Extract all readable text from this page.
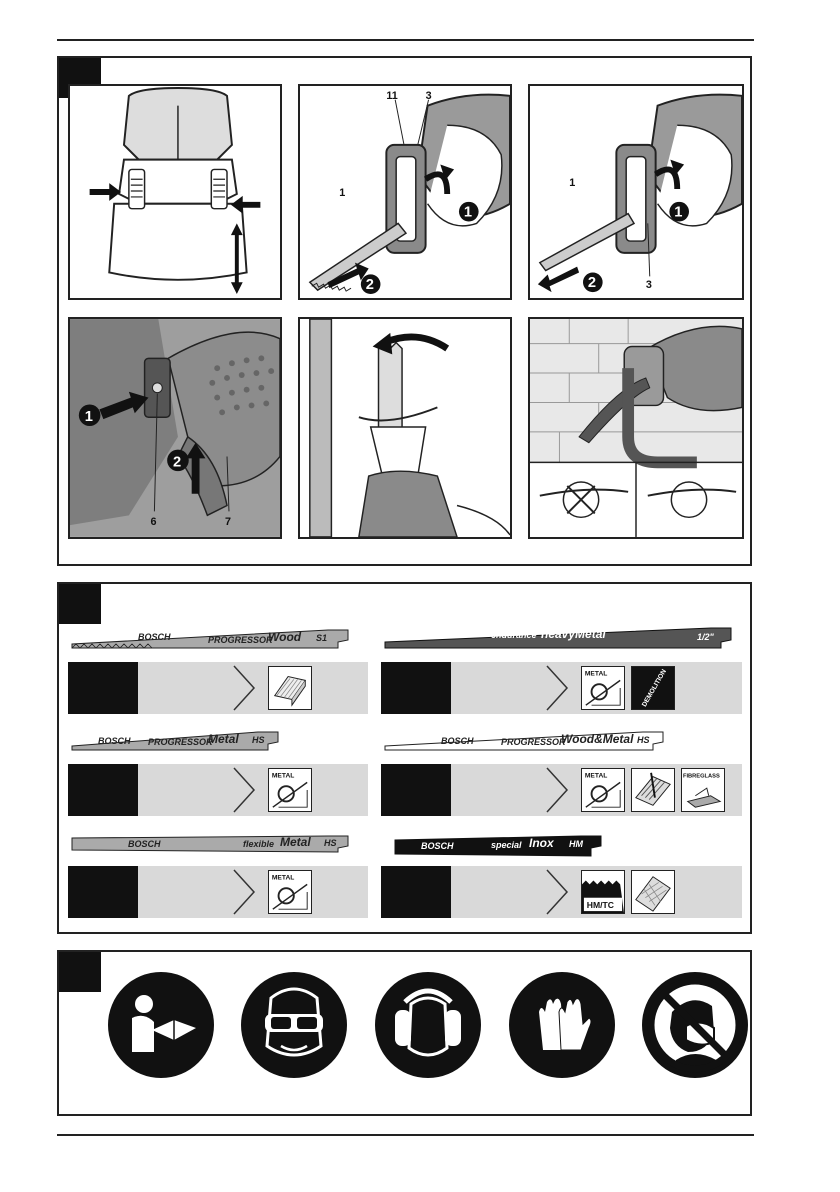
1
2
11	3
1
1
2
1
3
1
2
6	7
BOSCH	PROGRESSOR
Wood S1	endurance heavyMetal	1/2"
METAL	DEMOLITION
BOSCH PROGRESSOR
Metal HS	BOSCH	PROGRESSOR
Wood&Metal HS
METAL	METAL	FIBREGLASS
BOSCH	flexible Metal HS	BOSCH	special Inox HM
METAL
HM/TC
